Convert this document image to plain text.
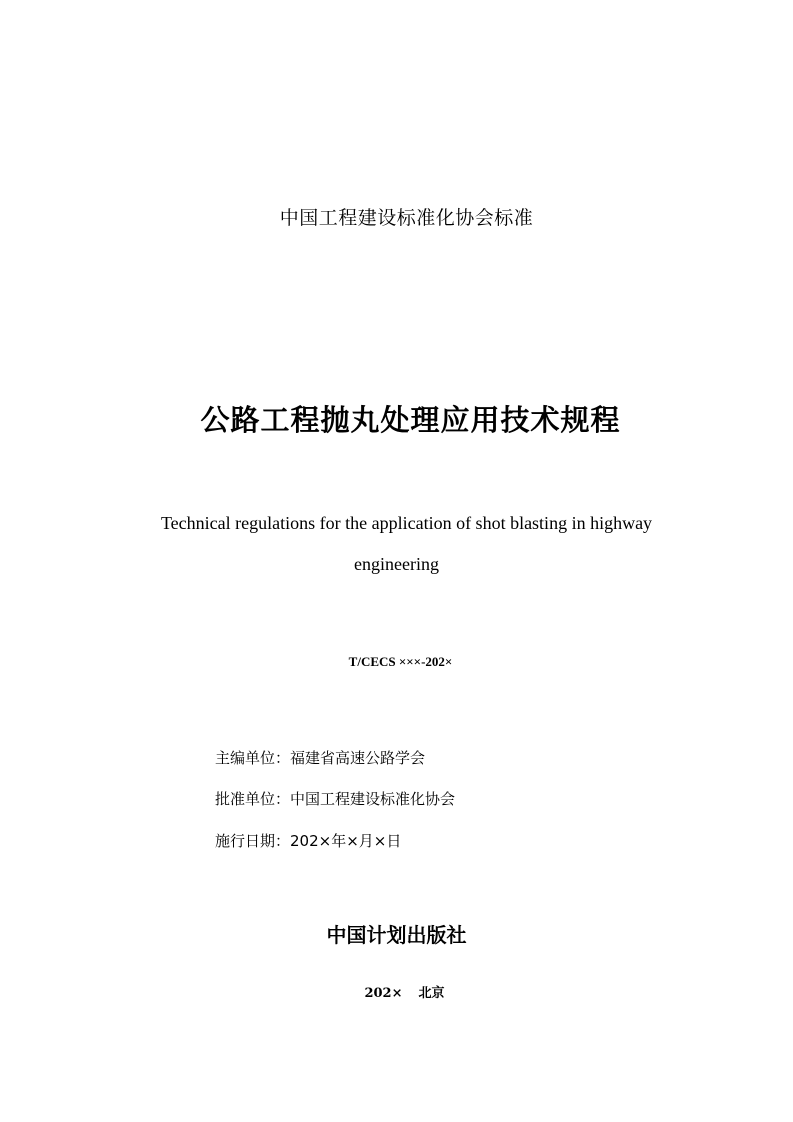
中国工程建设标准化协会标准
公路工程抛丸处理应用技术规程
Technical regulations for the application of shot blasting in highway
engineering
T/CECS ×××-202×
主编单位：福建省高速公路学会
批准单位：中国工程建设标准化协会
施行日期：202×年×月×日
中国计划出版社
202× 北京
